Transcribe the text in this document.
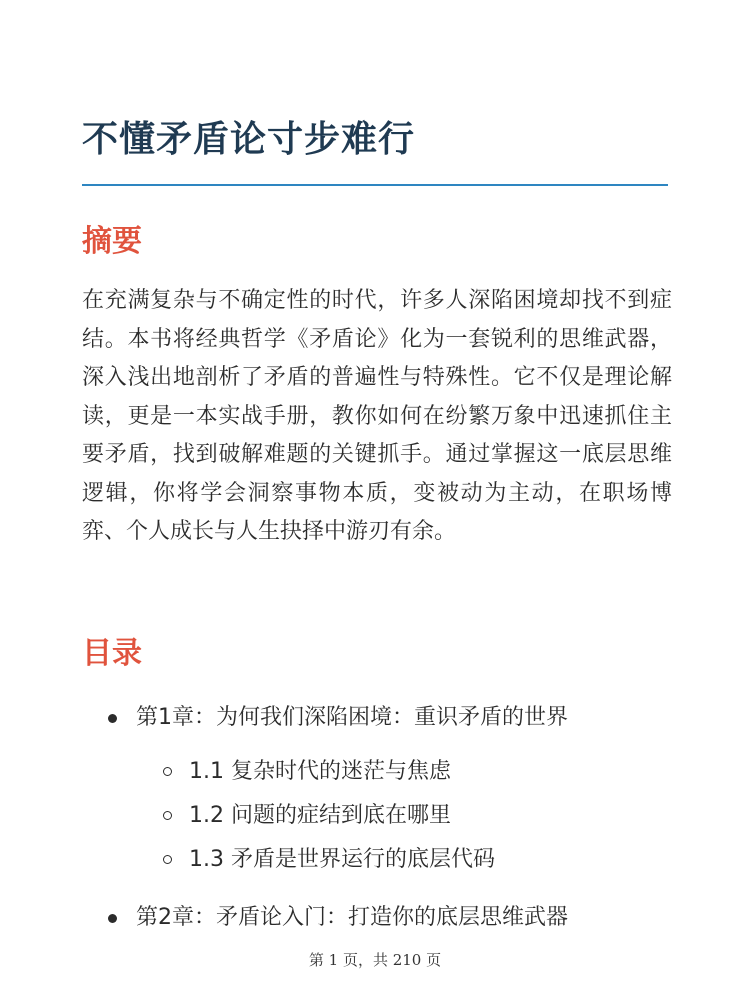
不懂矛盾论寸步难行
摘要

在充满复杂与不确定性的时代，许多人深陷困境却找不到症结。本书将经典哲学《矛盾论》化为一套锐利的思维武器，深入浅出地剖析了矛盾的普遍性与特殊性。它不仅是理论解读，更是一本实战手册，教你如何在纷繁万象中迅速抓住主要矛盾，找到破解难题的关键抓手。通过掌握这一底层思维逻辑，你将学会洞察事物本质，变被动为主动，在职场博弈、个人成长与人生抉择中游刃有余。

目录
第1章：为何我们深陷困境：重识矛盾的世界
1.1 复杂时代的迷茫与焦虑
1.2 问题的症结到底在哪里
1.3 矛盾是世界运行的底层代码
第2章：矛盾论入门：打造你的底层思维武器
第 1 页，共 210 页
